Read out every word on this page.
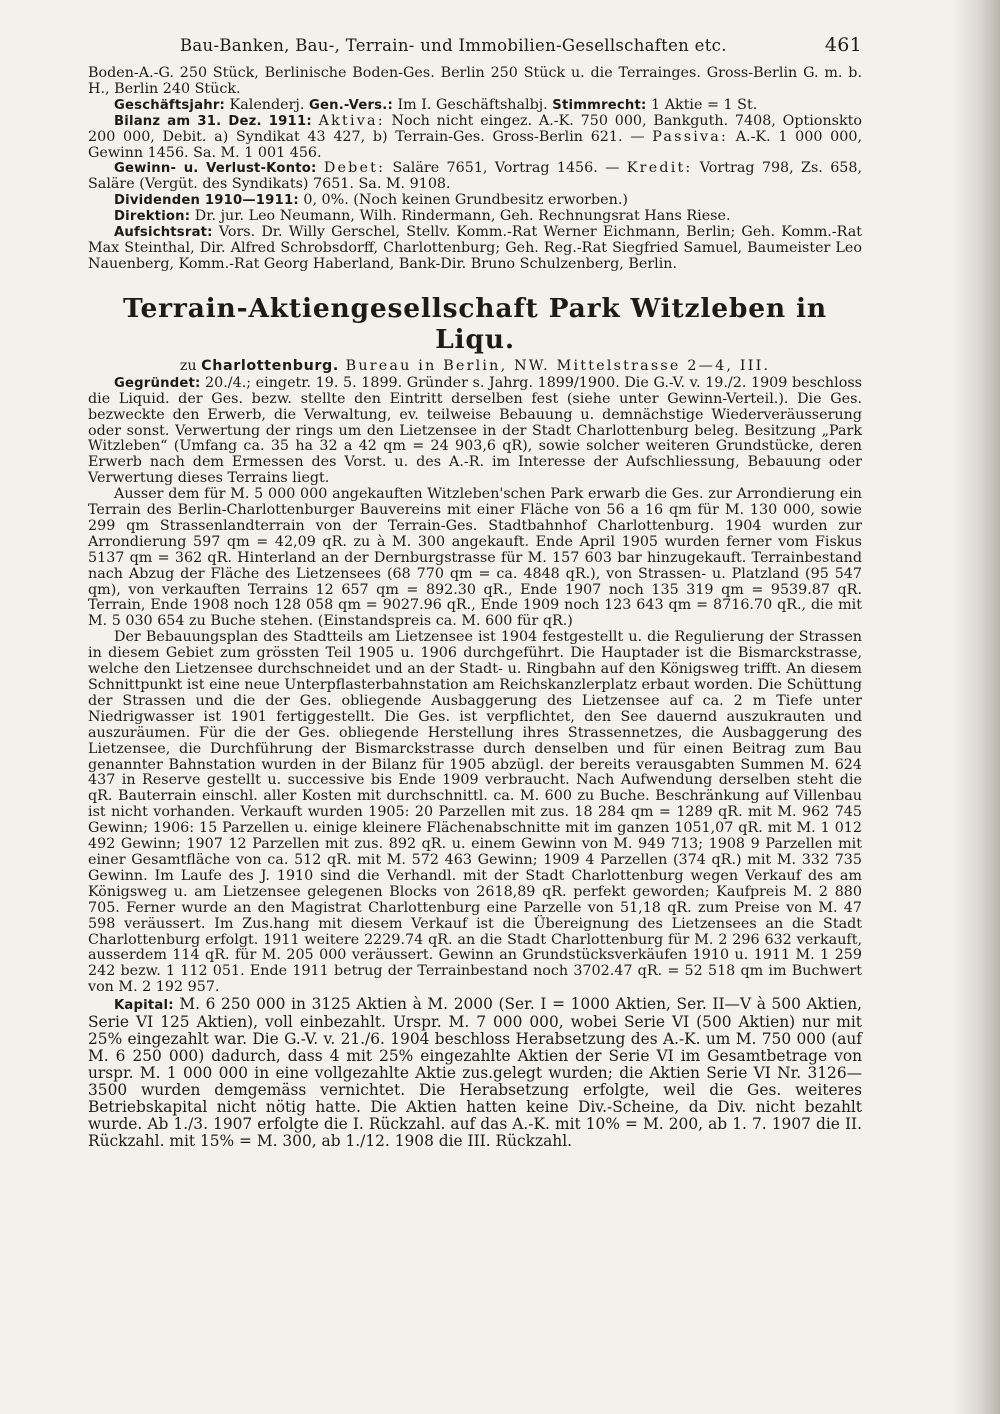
Bau-Banken, Bau-, Terrain- und Immobilien-Gesellschaften etc.	461

Boden-A.-G. 250 Stück, Berlinische Boden-Ges. Berlin 250 Stück u. die Terrainges. Gross-Berlin G. m. b. H., Berlin 240 Stück.

Geschäftsjahr: Kalenderj. Gen.-Vers.: Im I. Geschäftshalbj. Stimmrecht: 1 Aktie = 1 St.

Bilanz am 31. Dez. 1911: Aktiva: Noch nicht eingez. A.-K. 750 000, Bankguth. 7408, Optionskto 200 000, Debit. a) Syndikat 43 427, b) Terrain-Ges. Gross-Berlin 621. — Passiva: A.-K. 1 000 000, Gewinn 1456. Sa. M. 1 001 456.

Gewinn- u. Verlust-Konto: Debet: Saläre 7651, Vortrag 1456. — Kredit: Vortrag 798, Zs. 658, Saläre (Vergüt. des Syndikats) 7651. Sa. M. 9108.

Dividenden 1910—1911: 0, 0%. (Noch keinen Grundbesitz erworben.)

Direktion: Dr. jur. Leo Neumann, Wilh. Rindermann, Geh. Rechnungsrat Hans Riese.

Aufsichtsrat: Vors. Dr. Willy Gerschel, Stellv. Komm.-Rat Werner Eichmann, Berlin; Geh. Komm.-Rat Max Steinthal, Dir. Alfred Schrobsdorff, Charlottenburg; Geh. Reg.-Rat Siegfried Samuel, Baumeister Leo Nauenberg, Komm.-Rat Georg Haberland, Bank-Dir. Bruno Schulzenberg, Berlin.

Terrain-Aktiengesellschaft Park Witzleben in Liqu.
zu Charlottenburg. Bureau in Berlin, NW. Mittelstrasse 2—4, III.

Gegründet: 20./4.; eingetr. 19. 5. 1899. Gründer s. Jahrg. 1899/1900. Die G.-V. v. 19./2. 1909 beschloss die Liquid. der Ges. bezw. stellte den Eintritt derselben fest (siehe unter Gewinn-Verteil.). Die Ges. bezweckte den Erwerb, die Verwaltung, ev. teilweise Bebauung u. demnächstige Wiederveräusserung oder sonst. Verwertung der rings um den Lietzensee in der Stadt Charlottenburg beleg. Besitzung „Park Witzleben“ (Umfang ca. 35 ha 32 a 42 qm = 24 903,6 qR), sowie solcher weiteren Grundstücke, deren Erwerb nach dem Ermessen des Vorst. u. des A.-R. im Interesse der Aufschliessung, Bebauung oder Verwertung dieses Terrains liegt.

Ausser dem für M. 5 000 000 angekauften Witzleben'schen Park erwarb die Ges. zur Arrondierung ein Terrain des Berlin-Charlottenburger Bauvereins mit einer Fläche von 56 a 16 qm für M. 130 000, sowie 299 qm Strassenlandterrain von der Terrain-Ges. Stadtbahnhof Charlottenburg. 1904 wurden zur Arrondierung 597 qm = 42,09 qR. zu à M. 300 angekauft. Ende April 1905 wurden ferner vom Fiskus 5137 qm = 362 qR. Hinterland an der Dernburgstrasse für M. 157 603 bar hinzugekauft. Terrainbestand nach Abzug der Fläche des Lietzensees (68 770 qm = ca. 4848 qR.), von Strassen- u. Platzland (95 547 qm), von verkauften Terrains 12 657 qm = 892.30 qR., Ende 1907 noch 135 319 qm = 9539.87 qR. Terrain, Ende 1908 noch 128 058 qm = 9027.96 qR., Ende 1909 noch 123 643 qm = 8716.70 qR., die mit M. 5 030 654 zu Buche stehen. (Einstandspreis ca. M. 600 für qR.)

Der Bebauungsplan des Stadtteils am Lietzensee ist 1904 festgestellt u. die Regulierung der Strassen in diesem Gebiet zum grössten Teil 1905 u. 1906 durchgeführt. Die Hauptader ist die Bismarckstrasse, welche den Lietzensee durchschneidet und an der Stadt- u. Ringbahn auf den Königsweg trifft. An diesem Schnittpunkt ist eine neue Unterpflasterbahnstation am Reichskanzlerplatz erbaut worden. Die Schüttung der Strassen und die der Ges. obliegende Ausbaggerung des Lietzensee auf ca. 2 m Tiefe unter Niedrigwasser ist 1901 fertiggestellt. Die Ges. ist verpflichtet, den See dauernd auszukrauten und auszuräumen. Für die der Ges. obliegende Herstellung ihres Strassennetzes, die Ausbaggerung des Lietzensee, die Durchführung der Bismarckstrasse durch denselben und für einen Beitrag zum Bau genannter Bahnstation wurden in der Bilanz für 1905 abzügl. der bereits verausgabten Summen M. 624 437 in Reserve gestellt u. successive bis Ende 1909 verbraucht. Nach Aufwendung derselben steht die qR. Bauterrain einschl. aller Kosten mit durchschnittl. ca. M. 600 zu Buche. Beschränkung auf Villenbau ist nicht vorhanden. Verkauft wurden 1905: 20 Parzellen mit zus. 18 284 qm = 1289 qR. mit M. 962 745 Gewinn; 1906: 15 Parzellen u. einige kleinere Flächenabschnitte mit im ganzen 1051,07 qR. mit M. 1 012 492 Gewinn; 1907 12 Parzellen mit zus. 892 qR. u. einem Gewinn von M. 949 713; 1908 9 Parzellen mit einer Gesamtfläche von ca. 512 qR. mit M. 572 463 Gewinn; 1909 4 Parzellen (374 qR.) mit M. 332 735 Gewinn. Im Laufe des J. 1910 sind die Verhandl. mit der Stadt Charlottenburg wegen Verkauf des am Königsweg u. am Lietzensee gelegenen Blocks von 2618,89 qR. perfekt geworden; Kaufpreis M. 2 880 705. Ferner wurde an den Magistrat Charlottenburg eine Parzelle von 51,18 qR. zum Preise von M. 47 598 veräussert. Im Zus.hang mit diesem Verkauf ist die Übereignung des Lietzensees an die Stadt Charlottenburg erfolgt. 1911 weitere 2229.74 qR. an die Stadt Charlottenburg für M. 2 296 632 verkauft, ausserdem 114 qR. für M. 205 000 veräussert. Gewinn an Grundstücksverkäufen 1910 u. 1911 M. 1 259 242 bezw. 1 112 051. Ende 1911 betrug der Terrainbestand noch 3702.47 qR. = 52 518 qm im Buchwert von M. 2 192 957.

Kapital: M. 6 250 000 in 3125 Aktien à M. 2000 (Ser. I = 1000 Aktien, Ser. II—V à 500 Aktien, Serie VI 125 Aktien), voll einbezahlt. Urspr. M. 7 000 000, wobei Serie VI (500 Aktien) nur mit 25% eingezahlt war. Die G.-V. v. 21./6. 1904 beschloss Herabsetzung des A.-K. um M. 750 000 (auf M. 6 250 000) dadurch, dass 4 mit 25% eingezahlte Aktien der Serie VI im Gesamtbetrage von urspr. M. 1 000 000 in eine vollgezahlte Aktie zus.gelegt wurden; die Aktien Serie VI Nr. 3126—3500 wurden demgemäss vernichtet. Die Herabsetzung erfolgte, weil die Ges. weiteres Betriebskapital nicht nötig hatte. Die Aktien hatten keine Div.-Scheine, da Div. nicht bezahlt wurde. Ab 1./3. 1907 erfolgte die I. Rückzahl. auf das A.-K. mit 10% = M. 200, ab 1. 7. 1907 die II. Rückzahl. mit 15% = M. 300, ab 1./12. 1908 die III. Rückzahl.
